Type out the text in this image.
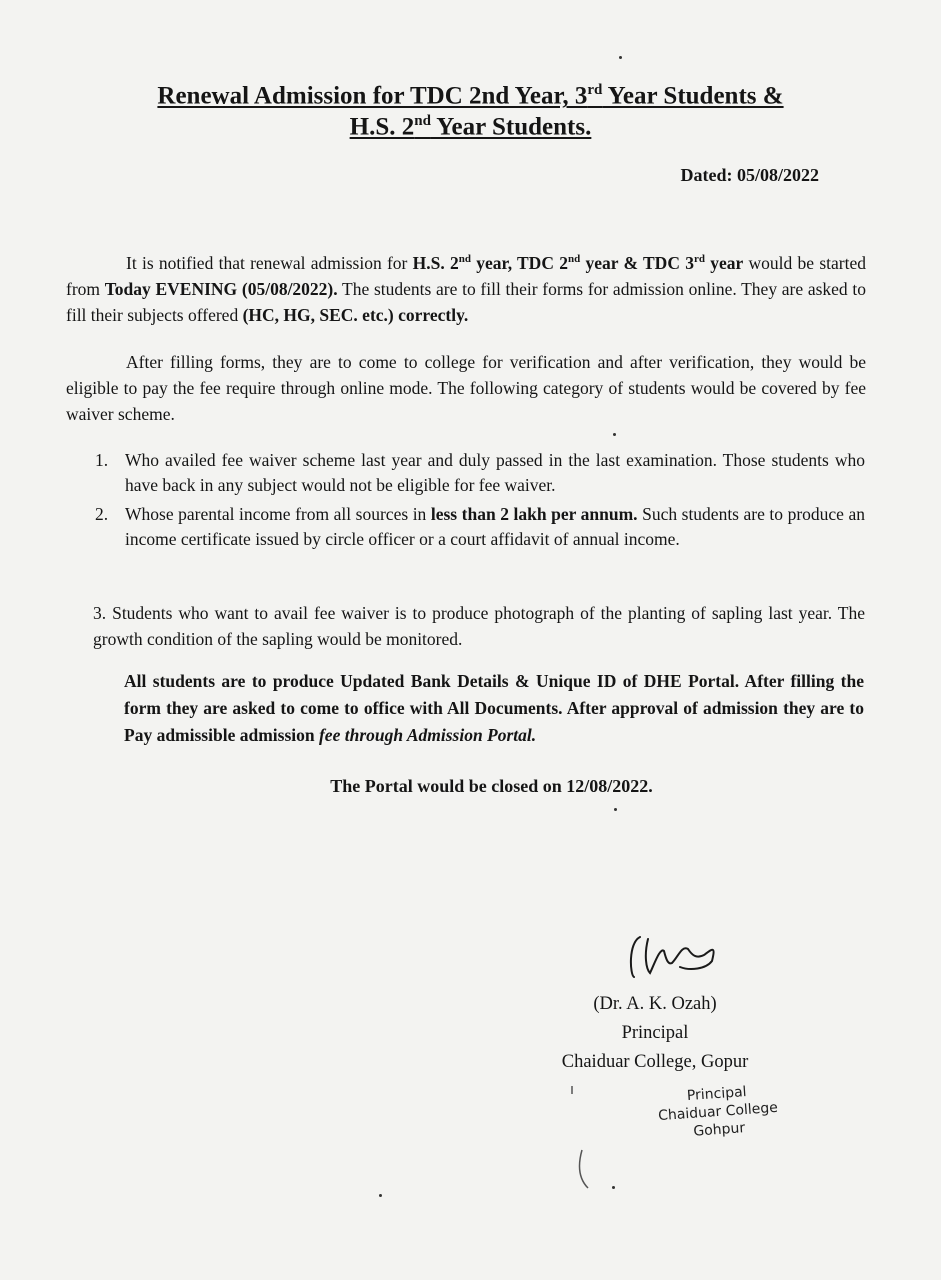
Renewal Admission for TDC 2nd Year, 3rd Year Students &
H.S. 2nd Year Students.
Dated: 05/08/2022
It is notified that renewal admission for H.S. 2nd year, TDC 2nd year & TDC 3rd year would be started from Today EVENING (05/08/2022). The students are to fill their forms for admission online. They are asked to fill their subjects offered (HC, HG, SEC. etc.) correctly.
After filling forms, they are to come to college for verification and after verification, they would be eligible to pay the fee require through online mode. The following category of students would be covered by fee waiver scheme.
1. Who availed fee waiver scheme last year and duly passed in the last examination. Those students who have back in any subject would not be eligible for fee waiver.
2. Whose parental income from all sources in less than 2 lakh per annum. Such students are to produce an income certificate issued by circle officer or a court affidavit of annual income.
3. Students who want to avail fee waiver is to produce photograph of the planting of sapling last year. The growth condition of the sapling would be monitored.
All students are to produce Updated Bank Details & Unique ID of DHE Portal. After filling the form they are asked to come to office with All Documents. After approval of admission they are to Pay admissible admission fee through Admission Portal.
The Portal would be closed on 12/08/2022.
(Dr. A. K. Ozah)
Principal
Chaiduar College, Gopur
Principal
Chaiduar College
Gohpur
